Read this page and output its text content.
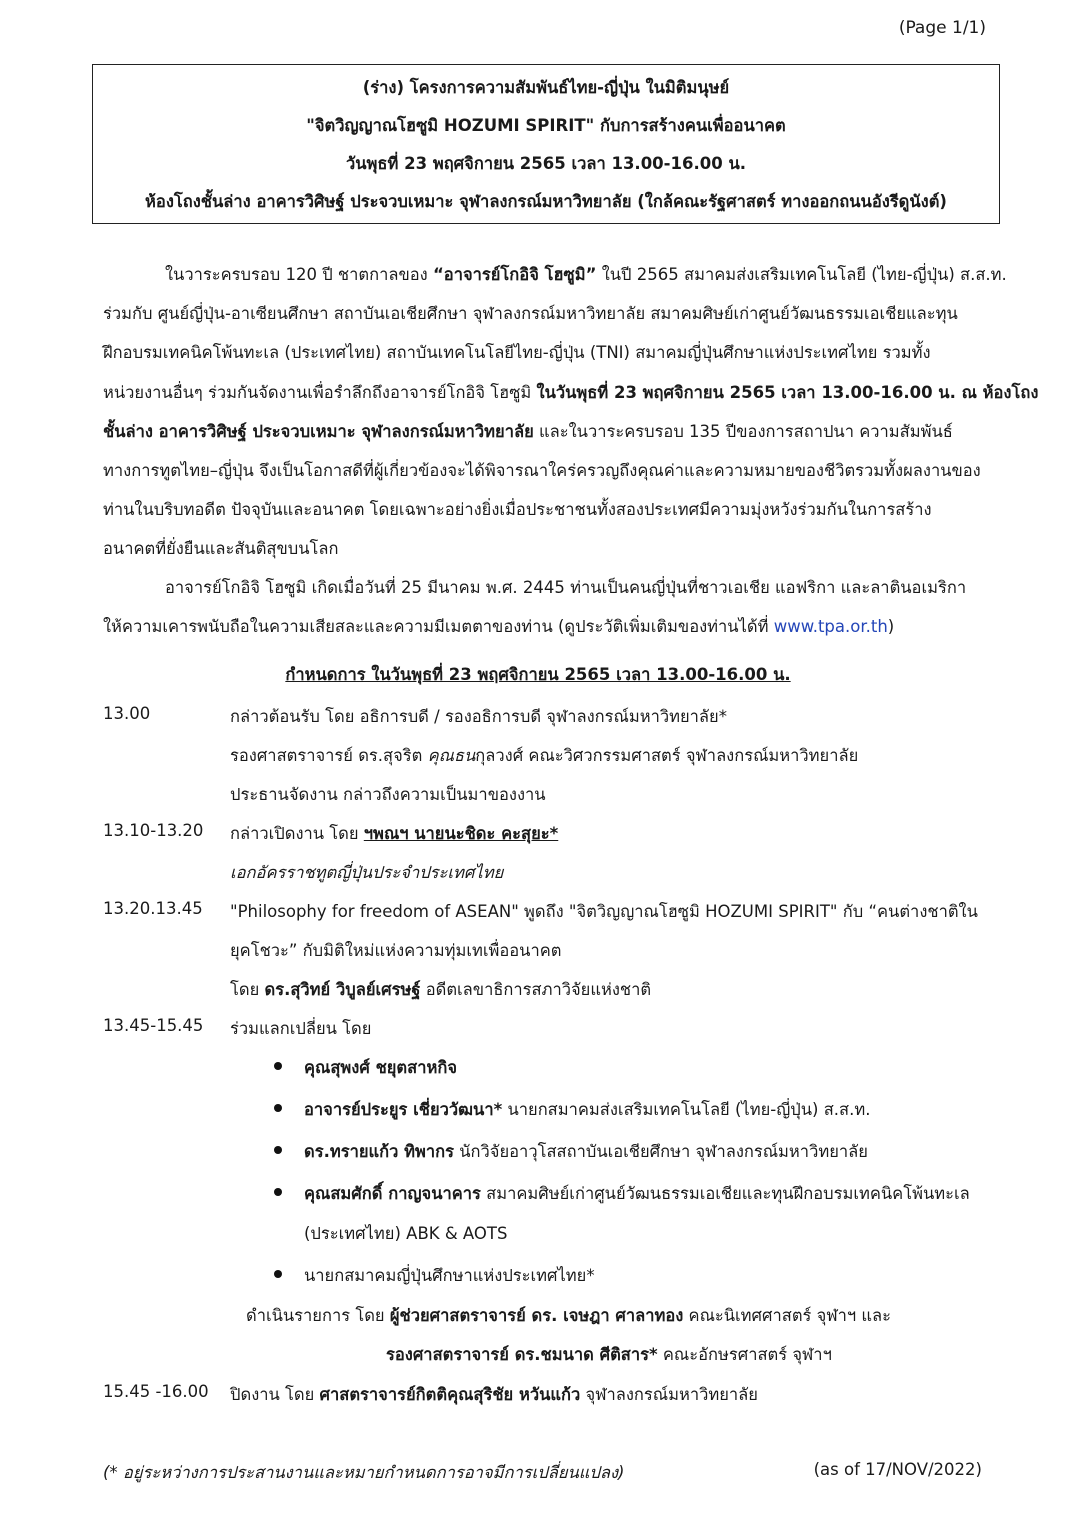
(Page 1/1)
(ร่าง) โครงการความสัมพันธ์ไทย-ญี่ปุ่น ในมิติมนุษย์
"จิตวิญญาณโฮซูมิ HOZUMI SPIRIT" กับการสร้างคนเพื่ออนาคต
วันพุธที่ 23 พฤศจิกายน 2565 เวลา 13.00-16.00 น.
ห้องโถงชั้นล่าง อาคารวิศิษฐ์ ประจวบเหมาะ จุฬาลงกรณ์มหาวิทยาลัย (ใกล้คณะรัฐศาสตร์ ทางออกถนนอังรีดูนังต์)
ในวาระครบรอบ 120 ปี ชาตกาลของ “อาจารย์โกอิจิ โฮซูมิ” ในปี 2565 สมาคมส่งเสริมเทคโนโลยี (ไทย-ญี่ปุ่น) ส.ส.ท.
ร่วมกับ ศูนย์ญี่ปุ่น-อาเซียนศึกษา สถาบันเอเชียศึกษา จุฬาลงกรณ์มหาวิทยาลัย สมาคมศิษย์เก่าศูนย์วัฒนธรรมเอเชียและทุน
ฝึกอบรมเทคนิคโพ้นทะเล (ประเทศไทย) สถาบันเทคโนโลยีไทย-ญี่ปุ่น (TNI) สมาคมญี่ปุ่นศึกษาแห่งประเทศไทย รวมทั้ง
หน่วยงานอื่นๆ ร่วมกันจัดงานเพื่อรำลึกถึงอาจารย์โกอิจิ โฮซูมิ ในวันพุธที่ 23 พฤศจิกายน 2565 เวลา 13.00-16.00 น. ณ ห้องโถง
ชั้นล่าง อาคารวิศิษฐ์ ประจวบเหมาะ จุฬาลงกรณ์มหาวิทยาลัย และในวาระครบรอบ 135 ปีของการสถาปนา ความสัมพันธ์
ทางการทูตไทย–ญี่ปุ่น จึงเป็นโอกาสดีที่ผู้เกี่ยวข้องจะได้พิจารณาใคร่ครวญถึงคุณค่าและความหมายของชีวิตรวมทั้งผลงานของ
ท่านในบริบทอดีต ปัจจุบันและอนาคต โดยเฉพาะอย่างยิ่งเมื่อประชาชนทั้งสองประเทศมีความมุ่งหวังร่วมกันในการสร้าง
อนาคตที่ยั่งยืนและสันติสุขบนโลก
อาจารย์โกอิจิ โฮซูมิ เกิดเมื่อวันที่ 25 มีนาคม พ.ศ. 2445 ท่านเป็นคนญี่ปุ่นที่ชาวเอเชีย แอฟริกา และลาตินอเมริกา
ให้ความเคารพนับถือในความเสียสละและความมีเมตตาของท่าน (ดูประวัติเพิ่มเติมของท่านได้ที่ www.tpa.or.th)
กำหนดการ ในวันพุธที่ 23 พฤศจิกายน 2565 เวลา 13.00-16.00 น.
13.00	กล่าวต้อนรับ โดย อธิการบดี / รองอธิการบดี จุฬาลงกรณ์มหาวิทยาลัย*
รองศาสตราจารย์ ดร.สุจริต คุณธนกุลวงศ์ คณะวิศวกรรมศาสตร์ จุฬาลงกรณ์มหาวิทยาลัย
ประธานจัดงาน กล่าวถึงความเป็นมาของงาน
13.10-13.20 กล่าวเปิดงาน โดย ฯพณฯ นายนะชิดะ คะสุยะ*
เอกอัครราชทูตญี่ปุ่นประจำประเทศไทย
13.20.13.45 "Philosophy for freedom of ASEAN" พูดถึง "จิตวิญญาณโฮซูมิ HOZUMI SPIRIT" กับ “คนต่างชาติใน
ยุคโชวะ” กับมิติใหม่แห่งความทุ่มเทเพื่ออนาคต
โดย ดร.สุวิทย์ วิบูลย์เศรษฐ์ อดีตเลขาธิการสภาวิจัยแห่งชาติ
13.45-15.45 ร่วมแลกเปลี่ยน โดย
คุณสุพงศ์ ชยุตสาหกิจ
อาจารย์ประยูร เชี่ยววัฒนา* นายกสมาคมส่งเสริมเทคโนโลยี (ไทย-ญี่ปุ่น) ส.ส.ท.
ดร.ทรายแก้ว ทิพากร นักวิจัยอาวุโสสถาบันเอเชียศึกษา จุฬาลงกรณ์มหาวิทยาลัย
คุณสมศักดิ์ กาญจนาคาร สมาคมศิษย์เก่าศูนย์วัฒนธรรมเอเชียและทุนฝึกอบรมเทคนิคโพ้นทะเล
(ประเทศไทย) ABK & AOTS
นายกสมาคมญี่ปุ่นศึกษาแห่งประเทศไทย*
ดำเนินรายการ โดย ผู้ช่วยศาสตราจารย์ ดร. เจษฎา ศาลาทอง คณะนิเทศศาสตร์ จุฬาฯ และ
รองศาสตราจารย์ ดร.ชมนาด ศีติสาร* คณะอักษรศาสตร์ จุฬาฯ
15.45 -16.00 ปิดงาน โดย ศาสตราจารย์กิตติคุณสุริชัย หวันแก้ว จุฬาลงกรณ์มหาวิทยาลัย
(* อยู่ระหว่างการประสานงานและหมายกำหนดการอาจมีการเปลี่ยนแปลง)	(as of 17/NOV/2022)
